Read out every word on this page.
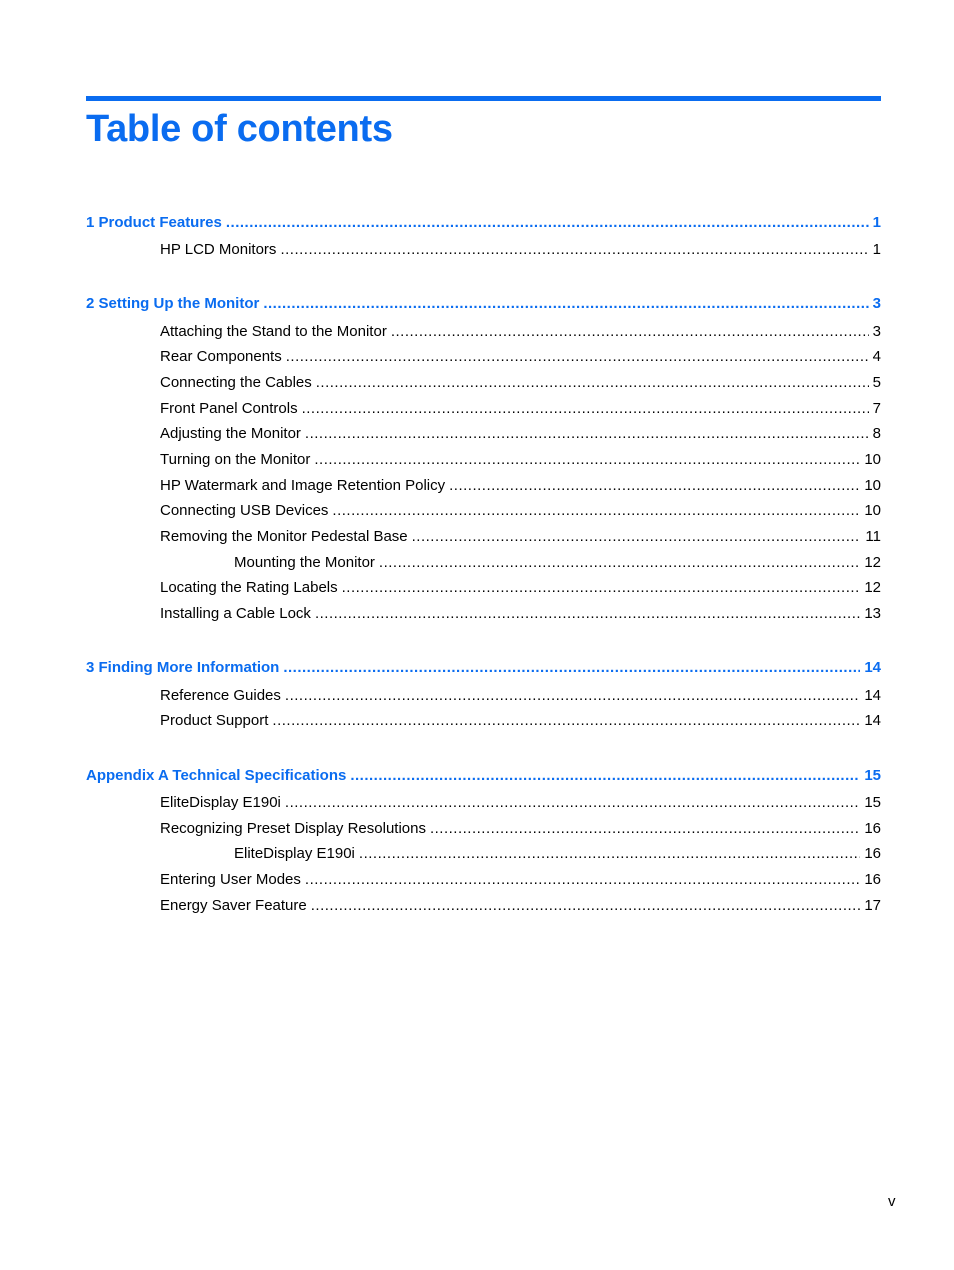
Table of contents
1 Product Features .....	1
HP LCD Monitors .....	1
2 Setting Up the Monitor .....	3
Attaching the Stand to the Monitor .....	3
Rear Components .....	4
Connecting the Cables .....	5
Front Panel Controls .....	7
Adjusting the Monitor .....	8
Turning on the Monitor .....	10
HP Watermark and Image Retention Policy .....	10
Connecting USB Devices .....	10
Removing the Monitor Pedestal Base .....	11
Mounting the Monitor .....	12
Locating the Rating Labels .....	12
Installing a Cable Lock .....	13
3 Finding More Information .....	14
Reference Guides .....	14
Product Support .....	14
Appendix A Technical Specifications .....	15
EliteDisplay E190i .....	15
Recognizing Preset Display Resolutions .....	16
EliteDisplay E190i .....	16
Entering User Modes .....	16
Energy Saver Feature .....	17
v
